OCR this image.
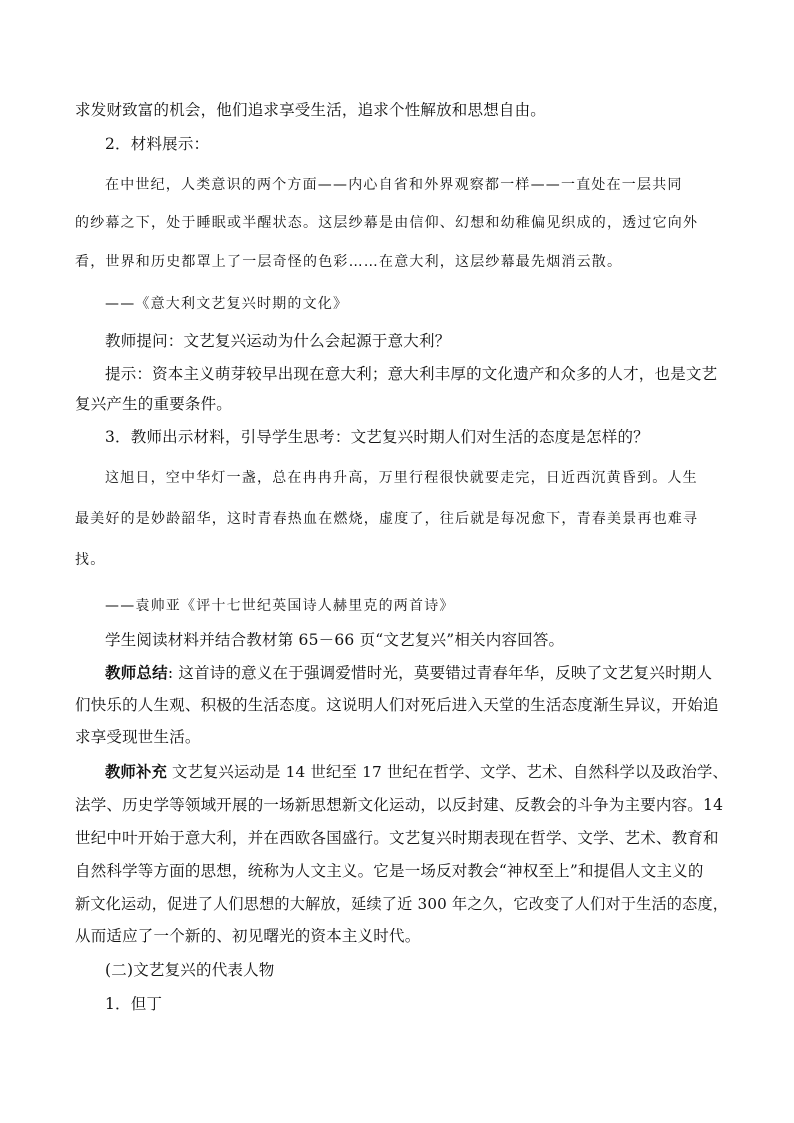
求发财致富的机会，他们追求享受生活，追求个性解放和思想自由。
2．材料展示：
在中世纪，人类意识的两个方面——内心自省和外界观察都一样——一直处在一层共同
的纱幕之下，处于睡眠或半醒状态。这层纱幕是由信仰、幻想和幼稚偏见织成的，透过它向外
看，世界和历史都罩上了一层奇怪的色彩……在意大利，这层纱幕最先烟消云散。
——《意大利文艺复兴时期的文化》
教师提问：文艺复兴运动为什么会起源于意大利？
提示：资本主义萌芽较早出现在意大利；意大利丰厚的文化遗产和众多的人才，也是文艺
复兴产生的重要条件。
3．教师出示材料，引导学生思考：文艺复兴时期人们对生活的态度是怎样的？
这旭日，空中华灯一盏，总在冉冉升高，万里行程很快就要走完，日近西沉黄昏到。人生
最美好的是妙龄韶华，这时青春热血在燃烧，虚度了，往后就是每况愈下，青春美景再也难寻
找。
——袁帅亚《评十七世纪英国诗人赫里克的两首诗》
学生阅读材料并结合教材第 65－66 页“文艺复兴”相关内容回答。
教师总结: 这首诗的意义在于强调爱惜时光，莫要错过青春年华，反映了文艺复兴时期人
们快乐的人生观、积极的生活态度。这说明人们对死后进入天堂的生活态度渐生异议，开始追
求享受现世生活。
教师补充 文艺复兴运动是 14 世纪至 17 世纪在哲学、文学、艺术、自然科学以及政治学、
法学、历史学等领域开展的一场新思想新文化运动，以反封建、反教会的斗争为主要内容。14
世纪中叶开始于意大利，并在西欧各国盛行。文艺复兴时期表现在哲学、文学、艺术、教育和
自然科学等方面的思想，统称为人文主义。它是一场反对教会“神权至上”和提倡人文主义的
新文化运动，促进了人们思想的大解放，延续了近 300 年之久，它改变了人们对于生活的态度，
从而适应了一个新的、初见曙光的资本主义时代。
(二)文艺复兴的代表人物
1．但丁
